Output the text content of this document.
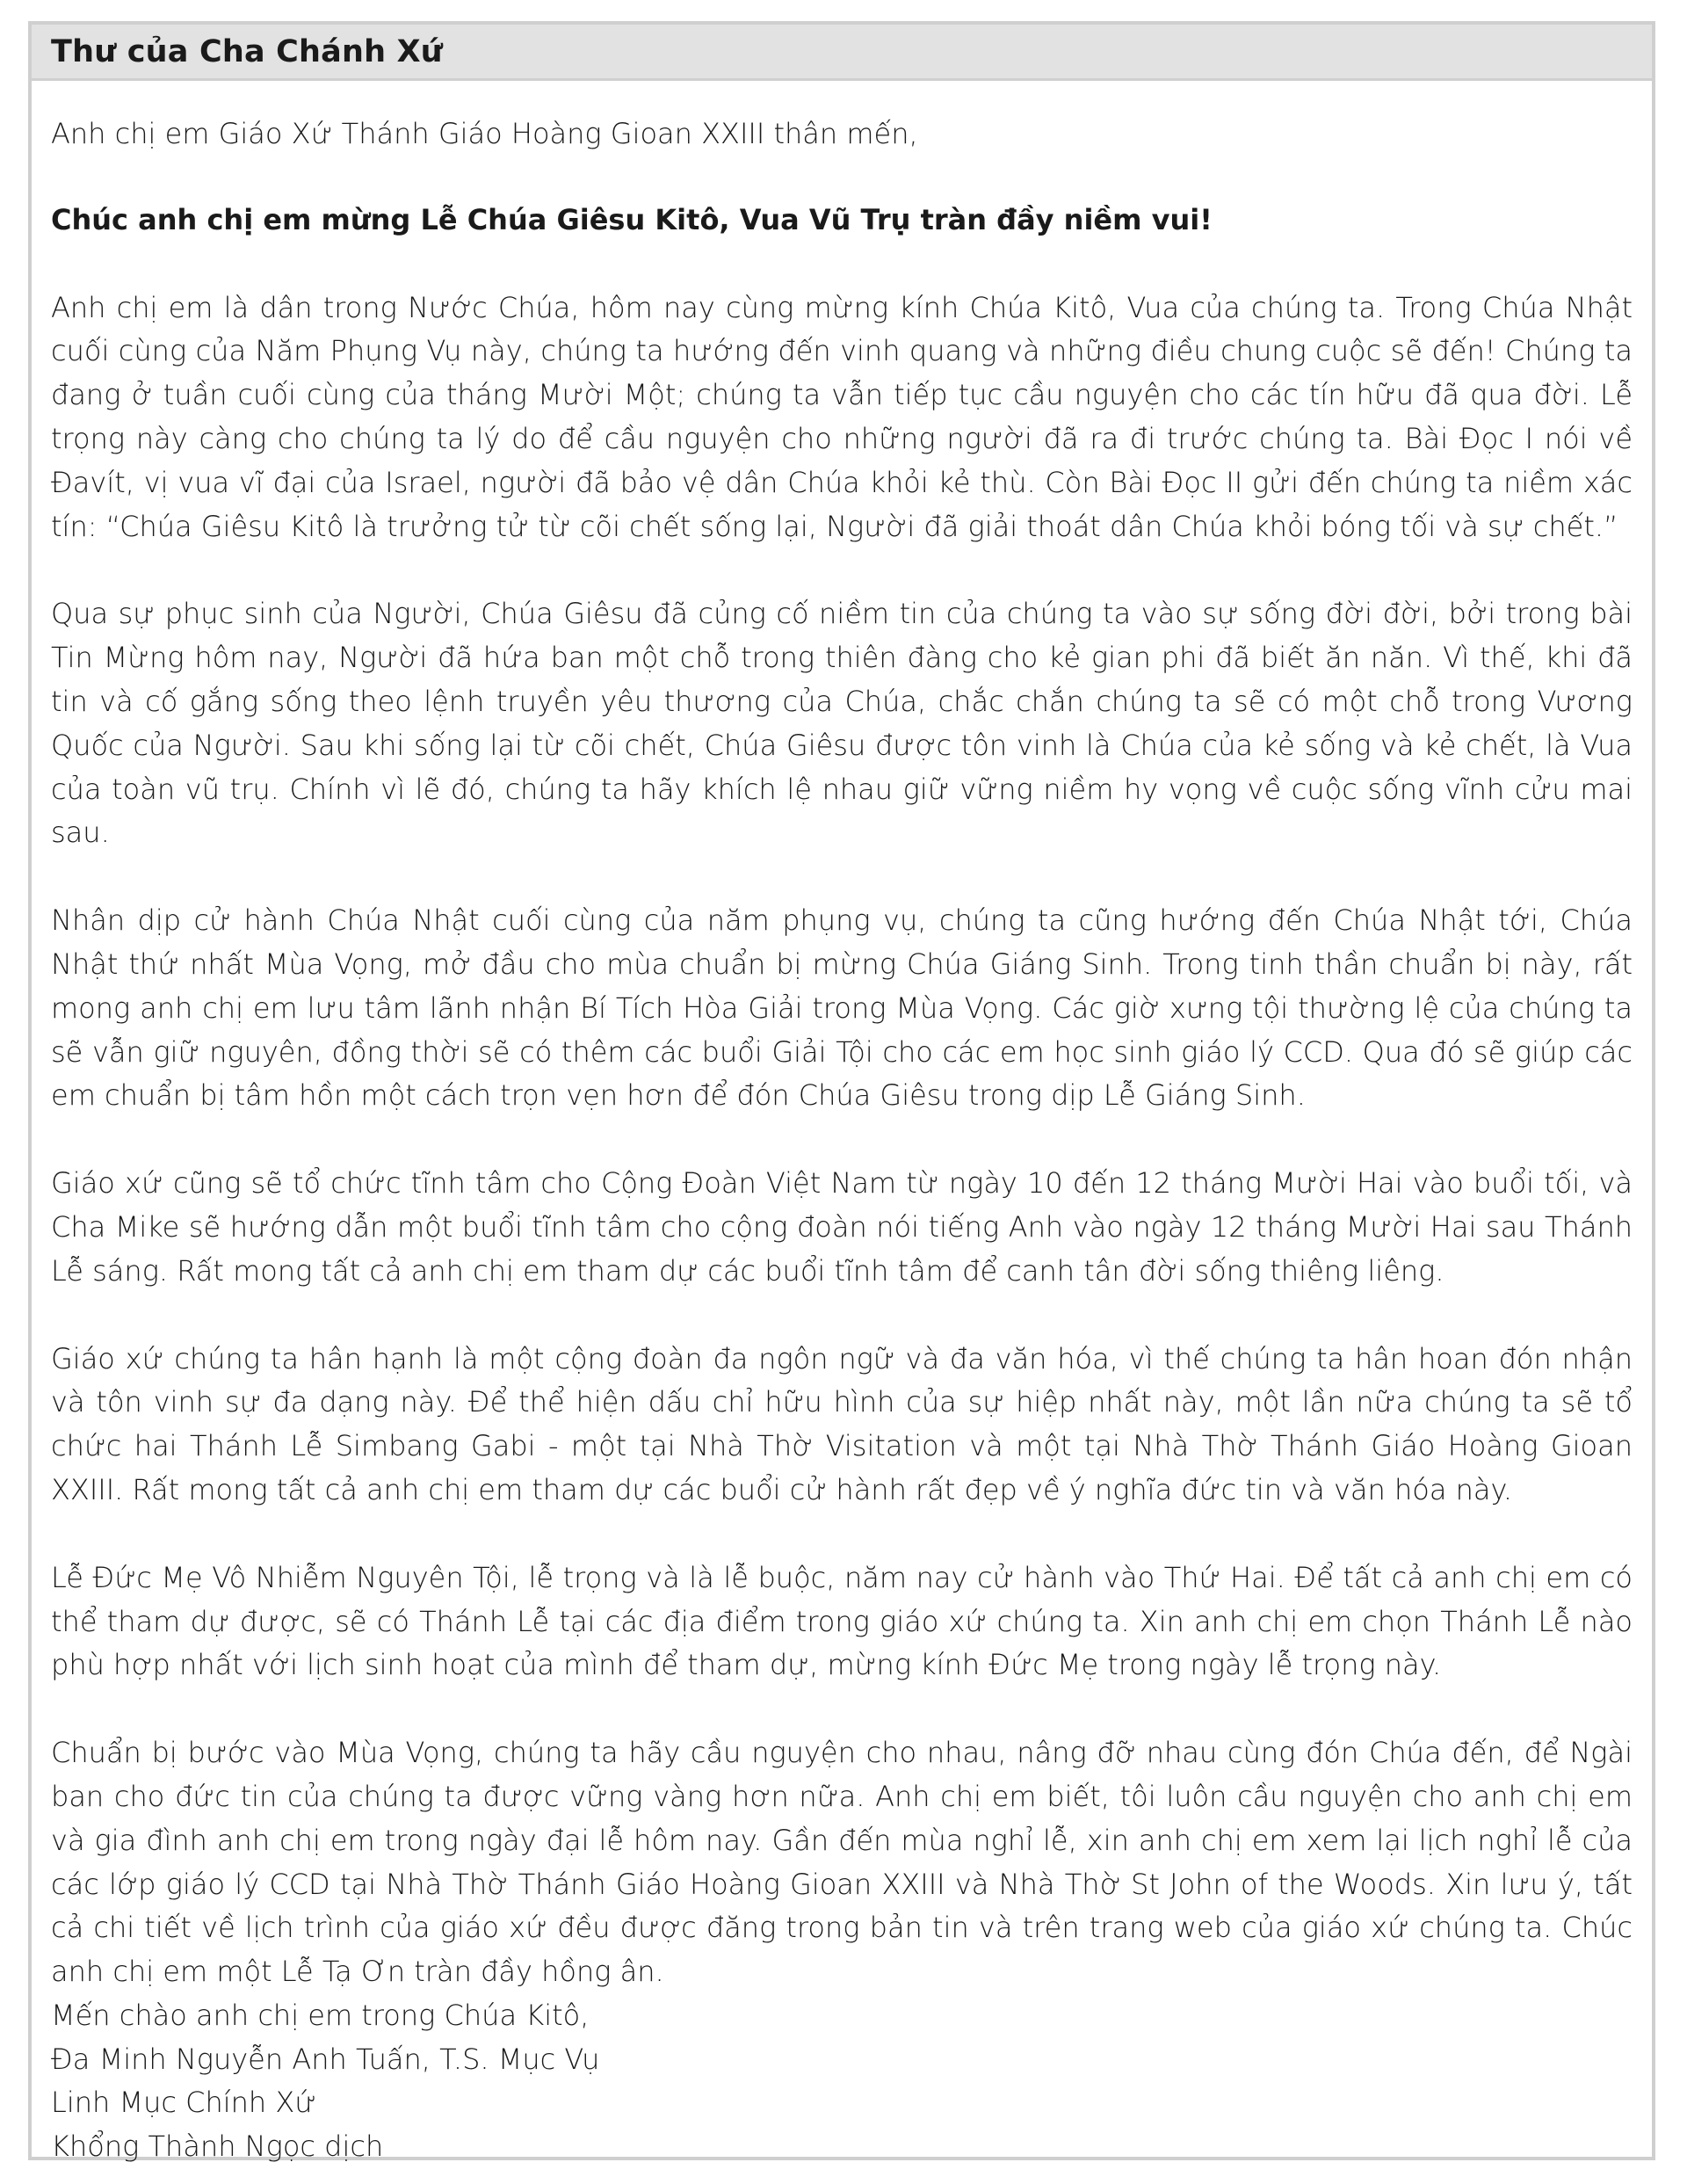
Thư của Cha Chánh Xứ

Anh chị em Giáo Xứ Thánh Giáo Hoàng Gioan XXIII thân mến,

Chúc anh chị em mừng Lễ Chúa Giêsu Kitô, Vua Vũ Trụ tràn đầy niềm vui!

Anh chị em là dân trong Nước Chúa, hôm nay cùng mừng kính Chúa Kitô, Vua của chúng ta. Trong Chúa Nhật cuối cùng của Năm Phụng Vụ này, chúng ta hướng đến vinh quang và những điều chung cuộc sẽ đến! Chúng ta đang ở tuần cuối cùng của tháng Mười Một; chúng ta vẫn tiếp tục cầu nguyện cho các tín hữu đã qua đời. Lễ trọng này càng cho chúng ta lý do để cầu nguyện cho những người đã ra đi trước chúng ta. Bài Đọc I nói về Đavít, vị vua vĩ đại của Israel, người đã bảo vệ dân Chúa khỏi kẻ thù. Còn Bài Đọc II gửi đến chúng ta niềm xác tín: “Chúa Giêsu Kitô là trưởng tử từ cõi chết sống lại, Người đã giải thoát dân Chúa khỏi bóng tối và sự chết.”

Qua sự phục sinh của Người, Chúa Giêsu đã củng cố niềm tin của chúng ta vào sự sống đời đời, bởi trong bài Tin Mừng hôm nay, Người đã hứa ban một chỗ trong thiên đàng cho kẻ gian phi đã biết ăn năn. Vì thế, khi đã tin và cố gắng sống theo lệnh truyền yêu thương của Chúa, chắc chắn chúng ta sẽ có một chỗ trong Vương Quốc của Người. Sau khi sống lại từ cõi chết, Chúa Giêsu được tôn vinh là Chúa của kẻ sống và kẻ chết, là Vua của toàn vũ trụ. Chính vì lẽ đó, chúng ta hãy khích lệ nhau giữ vững niềm hy vọng về cuộc sống vĩnh cửu mai sau.

Nhân dịp cử hành Chúa Nhật cuối cùng của năm phụng vụ, chúng ta cũng hướng đến Chúa Nhật tới, Chúa Nhật thứ nhất Mùa Vọng, mở đầu cho mùa chuẩn bị mừng Chúa Giáng Sinh. Trong tinh thần chuẩn bị này, rất mong anh chị em lưu tâm lãnh nhận Bí Tích Hòa Giải trong Mùa Vọng. Các giờ xưng tội thường lệ của chúng ta sẽ vẫn giữ nguyên, đồng thời sẽ có thêm các buổi Giải Tội cho các em học sinh giáo lý CCD. Qua đó sẽ giúp các em chuẩn bị tâm hồn một cách trọn vẹn hơn để đón Chúa Giêsu trong dịp Lễ Giáng Sinh.

Giáo xứ cũng sẽ tổ chức tĩnh tâm cho Cộng Đoàn Việt Nam từ ngày 10 đến 12 tháng Mười Hai vào buổi tối, và Cha Mike sẽ hướng dẫn một buổi tĩnh tâm cho cộng đoàn nói tiếng Anh vào ngày 12 tháng Mười Hai sau Thánh Lễ sáng. Rất mong tất cả anh chị em tham dự các buổi tĩnh tâm để canh tân đời sống thiêng liêng.

Giáo xứ chúng ta hân hạnh là một cộng đoàn đa ngôn ngữ và đa văn hóa, vì thế chúng ta hân hoan đón nhận và tôn vinh sự đa dạng này. Để thể hiện dấu chỉ hữu hình của sự hiệp nhất này, một lần nữa chúng ta sẽ tổ chức hai Thánh Lễ Simbang Gabi - một tại Nhà Thờ Visitation và một tại Nhà Thờ Thánh Giáo Hoàng Gioan XXIII. Rất mong tất cả anh chị em tham dự các buổi cử hành rất đẹp về ý nghĩa đức tin và văn hóa này.

Lễ Đức Mẹ Vô Nhiễm Nguyên Tội, lễ trọng và là lễ buộc, năm nay cử hành vào Thứ Hai. Để tất cả anh chị em có thể tham dự được, sẽ có Thánh Lễ tại các địa điểm trong giáo xứ chúng ta. Xin anh chị em chọn Thánh Lễ nào phù hợp nhất với lịch sinh hoạt của mình để tham dự, mừng kính Đức Mẹ trong ngày lễ trọng này.

Chuẩn bị bước vào Mùa Vọng, chúng ta hãy cầu nguyện cho nhau, nâng đỡ nhau cùng đón Chúa đến, để Ngài ban cho đức tin của chúng ta được vững vàng hơn nữa. Anh chị em biết, tôi luôn cầu nguyện cho anh chị em và gia đình anh chị em trong ngày đại lễ hôm nay. Gần đến mùa nghỉ lễ, xin anh chị em xem lại lịch nghỉ lễ của các lớp giáo lý CCD tại Nhà Thờ Thánh Giáo Hoàng Gioan XXIII và Nhà Thờ St John of the Woods. Xin lưu ý, tất cả chi tiết về lịch trình của giáo xứ đều được đăng trong bản tin và trên trang web của giáo xứ chúng ta. Chúc anh chị em một Lễ Tạ Ơn tràn đầy hồng ân.

Mến chào anh chị em trong Chúa Kitô,
Đa Minh Nguyễn Anh Tuấn, T.S. Mục Vụ
Linh Mục Chính Xứ
Khổng Thành Ngọc dịch
